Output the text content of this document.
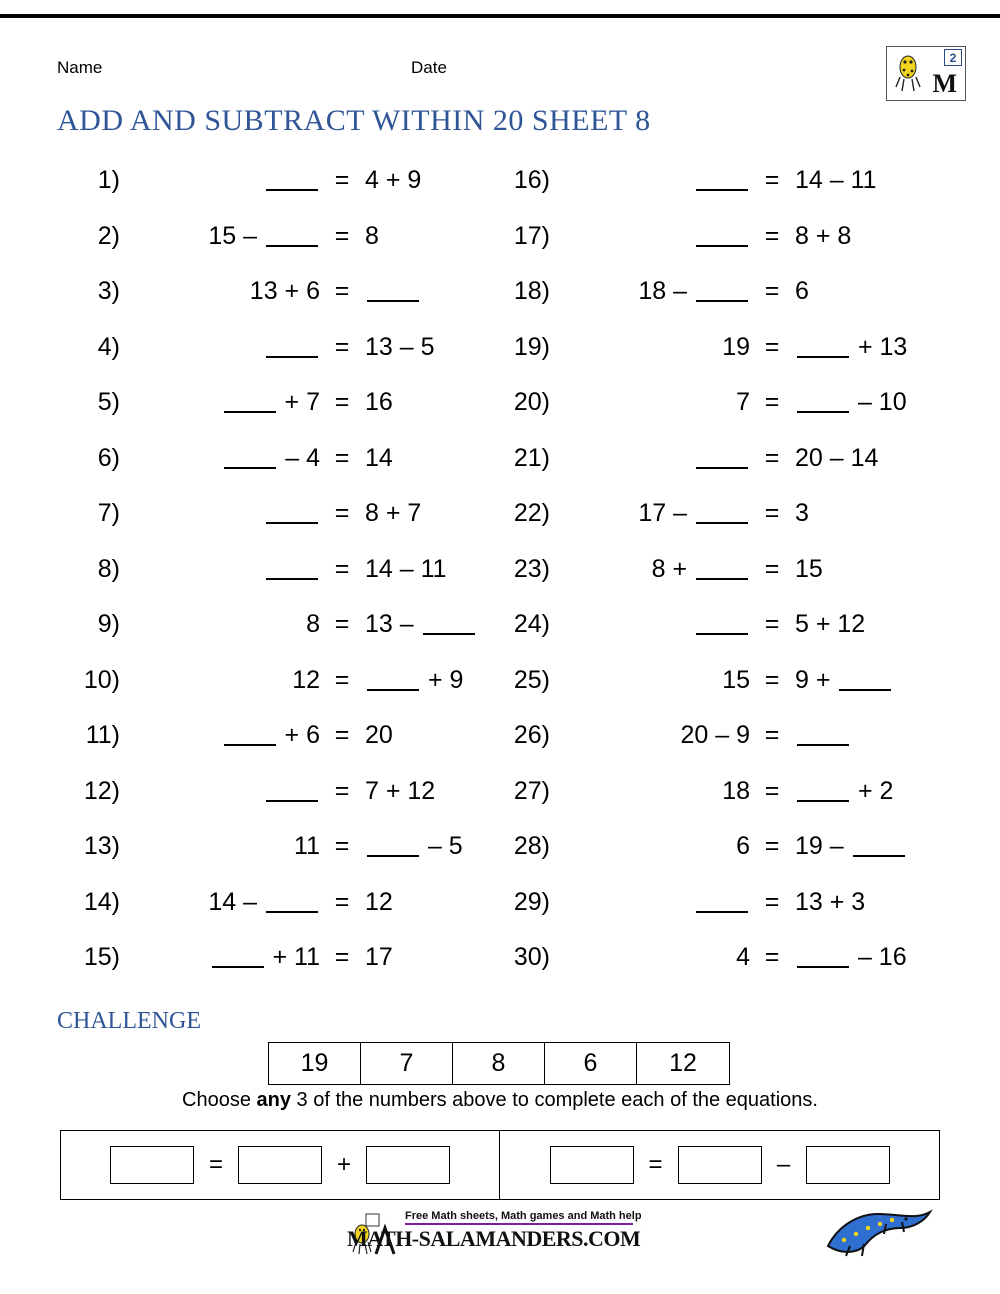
Name	Date	2
M
ADD AND SUBTRACT WITHIN 20 SHEET 8
1)	= 4 + 9
2)	15 –	= 8
3)	13 + 6 =
4)	= 13 – 5
5)	+ 7 = 16
6)	– 4 = 14
7)	= 8 + 7
8)	= 14 – 11
9)	8 = 13 –
10)	12 =	+ 9
11)	+ 6 = 20
12)	= 7 + 12
13)	11 =	– 5
14)	14 –	= 12
15)	+ 11 = 17
16)	= 14 – 11
17)	= 8 + 8
18)	18 –	= 6
19)	19 =	+ 13
20)	7 =	– 10
21)	= 20 – 14
22)	17 –	= 3
23)	8 +	= 15
24)	= 5 + 12
25)	15 = 9 +
26)	20 – 9 =
27)	18 =	+ 2
28)	6 = 19 –
29)	= 13 + 3
30)	4 =	– 16
CHALLENGE
19	7	8	6	12
Choose any 3 of the numbers above to complete each of the equations.
=	+	=	–
Free Math sheets, Math games and Math help
MATH-SALAMANDERS.COM
